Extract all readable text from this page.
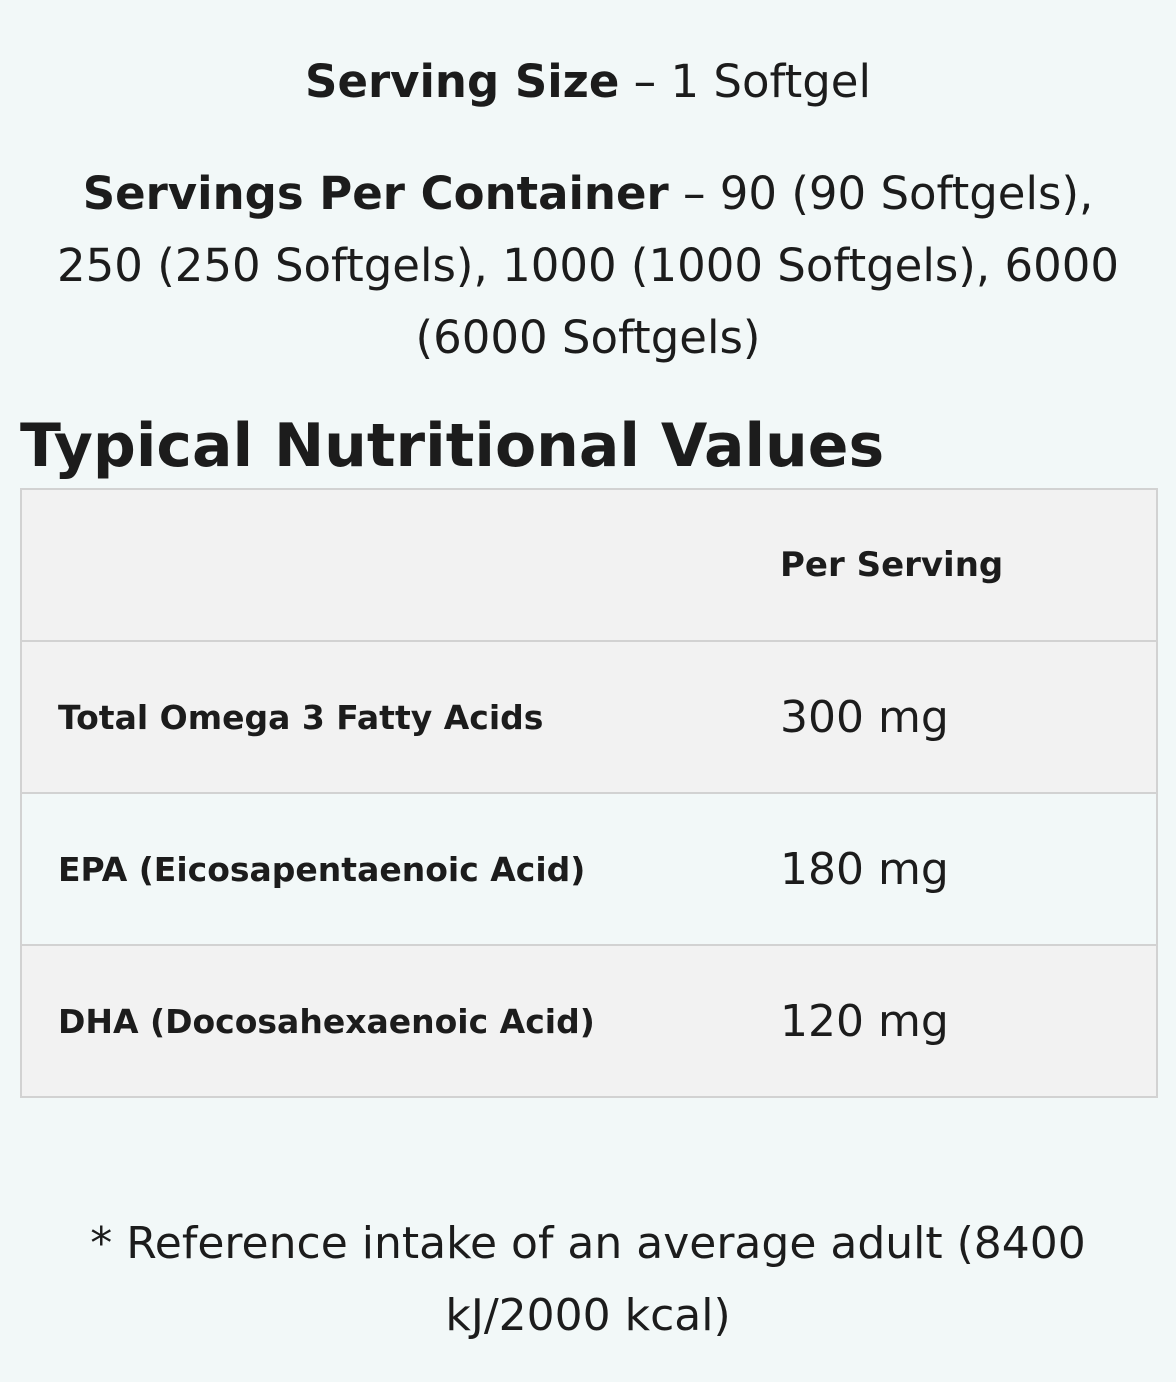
Serving Size – 1 Softgel
Servings Per Container – 90 (90 Softgels), 250 (250 Softgels), 1000 (1000 Softgels), 6000 (6000 Softgels)
Typical Nutritional Values
Per Serving
Total Omega 3 Fatty Acids	300 mg
EPA (Eicosapentaenoic Acid)	180 mg
DHA (Docosahexaenoic Acid)	120 mg
* Reference intake of an average adult (8400 kJ/2000 kcal)
